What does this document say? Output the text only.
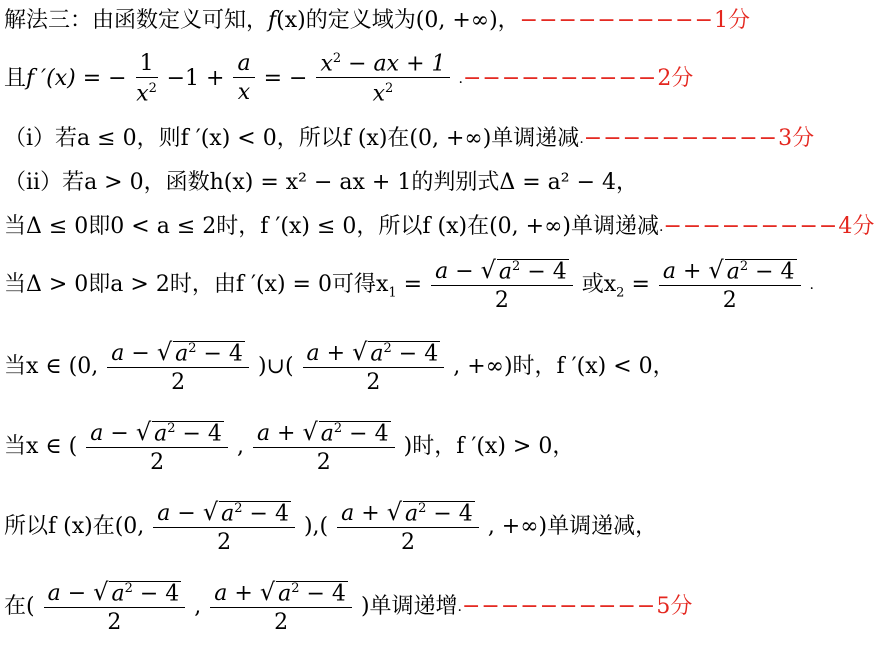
解法三：由函数定义可知，f(x)的定义域为(0, +∞)，−−−−−−−−−−1分
且f ′(x) = − $\frac{1}{x^2} -1 + \frac{a}{x}$ = − $\frac{x^2 - ax + 1}{x^2} .----------2$分
（i）若a ≤ 0，则f ′(x) < 0，所以f (x)在(0, +∞)单调递减.−−−−−−−−−−3分
（ii）若a > 0，函数h(x) = x² − ax + 1的判别式Δ = a² − 4，
当Δ ≤ 0即0 < a ≤ 2时，f ′(x) ≤ 0，所以f (x)在(0, +∞)单调递减.−−−−−−−−−4分
当Δ > 0即a > 2时，由f ′(x) = 0可得$x_1 = \frac{a - √ a^2 - 4}{2}$ 或$x_2 = \frac{a + √ a^2 - 4}{2}$ .
当x ∈ (0, $\frac{a - √ a^2 - 4}{2}$ )∪( $\frac{a + √ a^2 - 4}{2}$ , +∞)时，f ′(x) < 0，
当x ∈ ( $\frac{a - √ a^2 - 4}{2}$ , $\frac{a + √ a^2 - 4}{2}$ )时，f ′(x) > 0，
所以f (x)在(0, $\frac{a - √ a^2 - 4}{2}$ ),( $\frac{a + √ a^2 - 4}{2}$ , +∞)单调递减，
在( $\frac{a - √ a^2 - 4}{2}$ , $\frac{a + √ a^2 - 4}{2}$ )单调递增.−−−−−−−−−−5分
